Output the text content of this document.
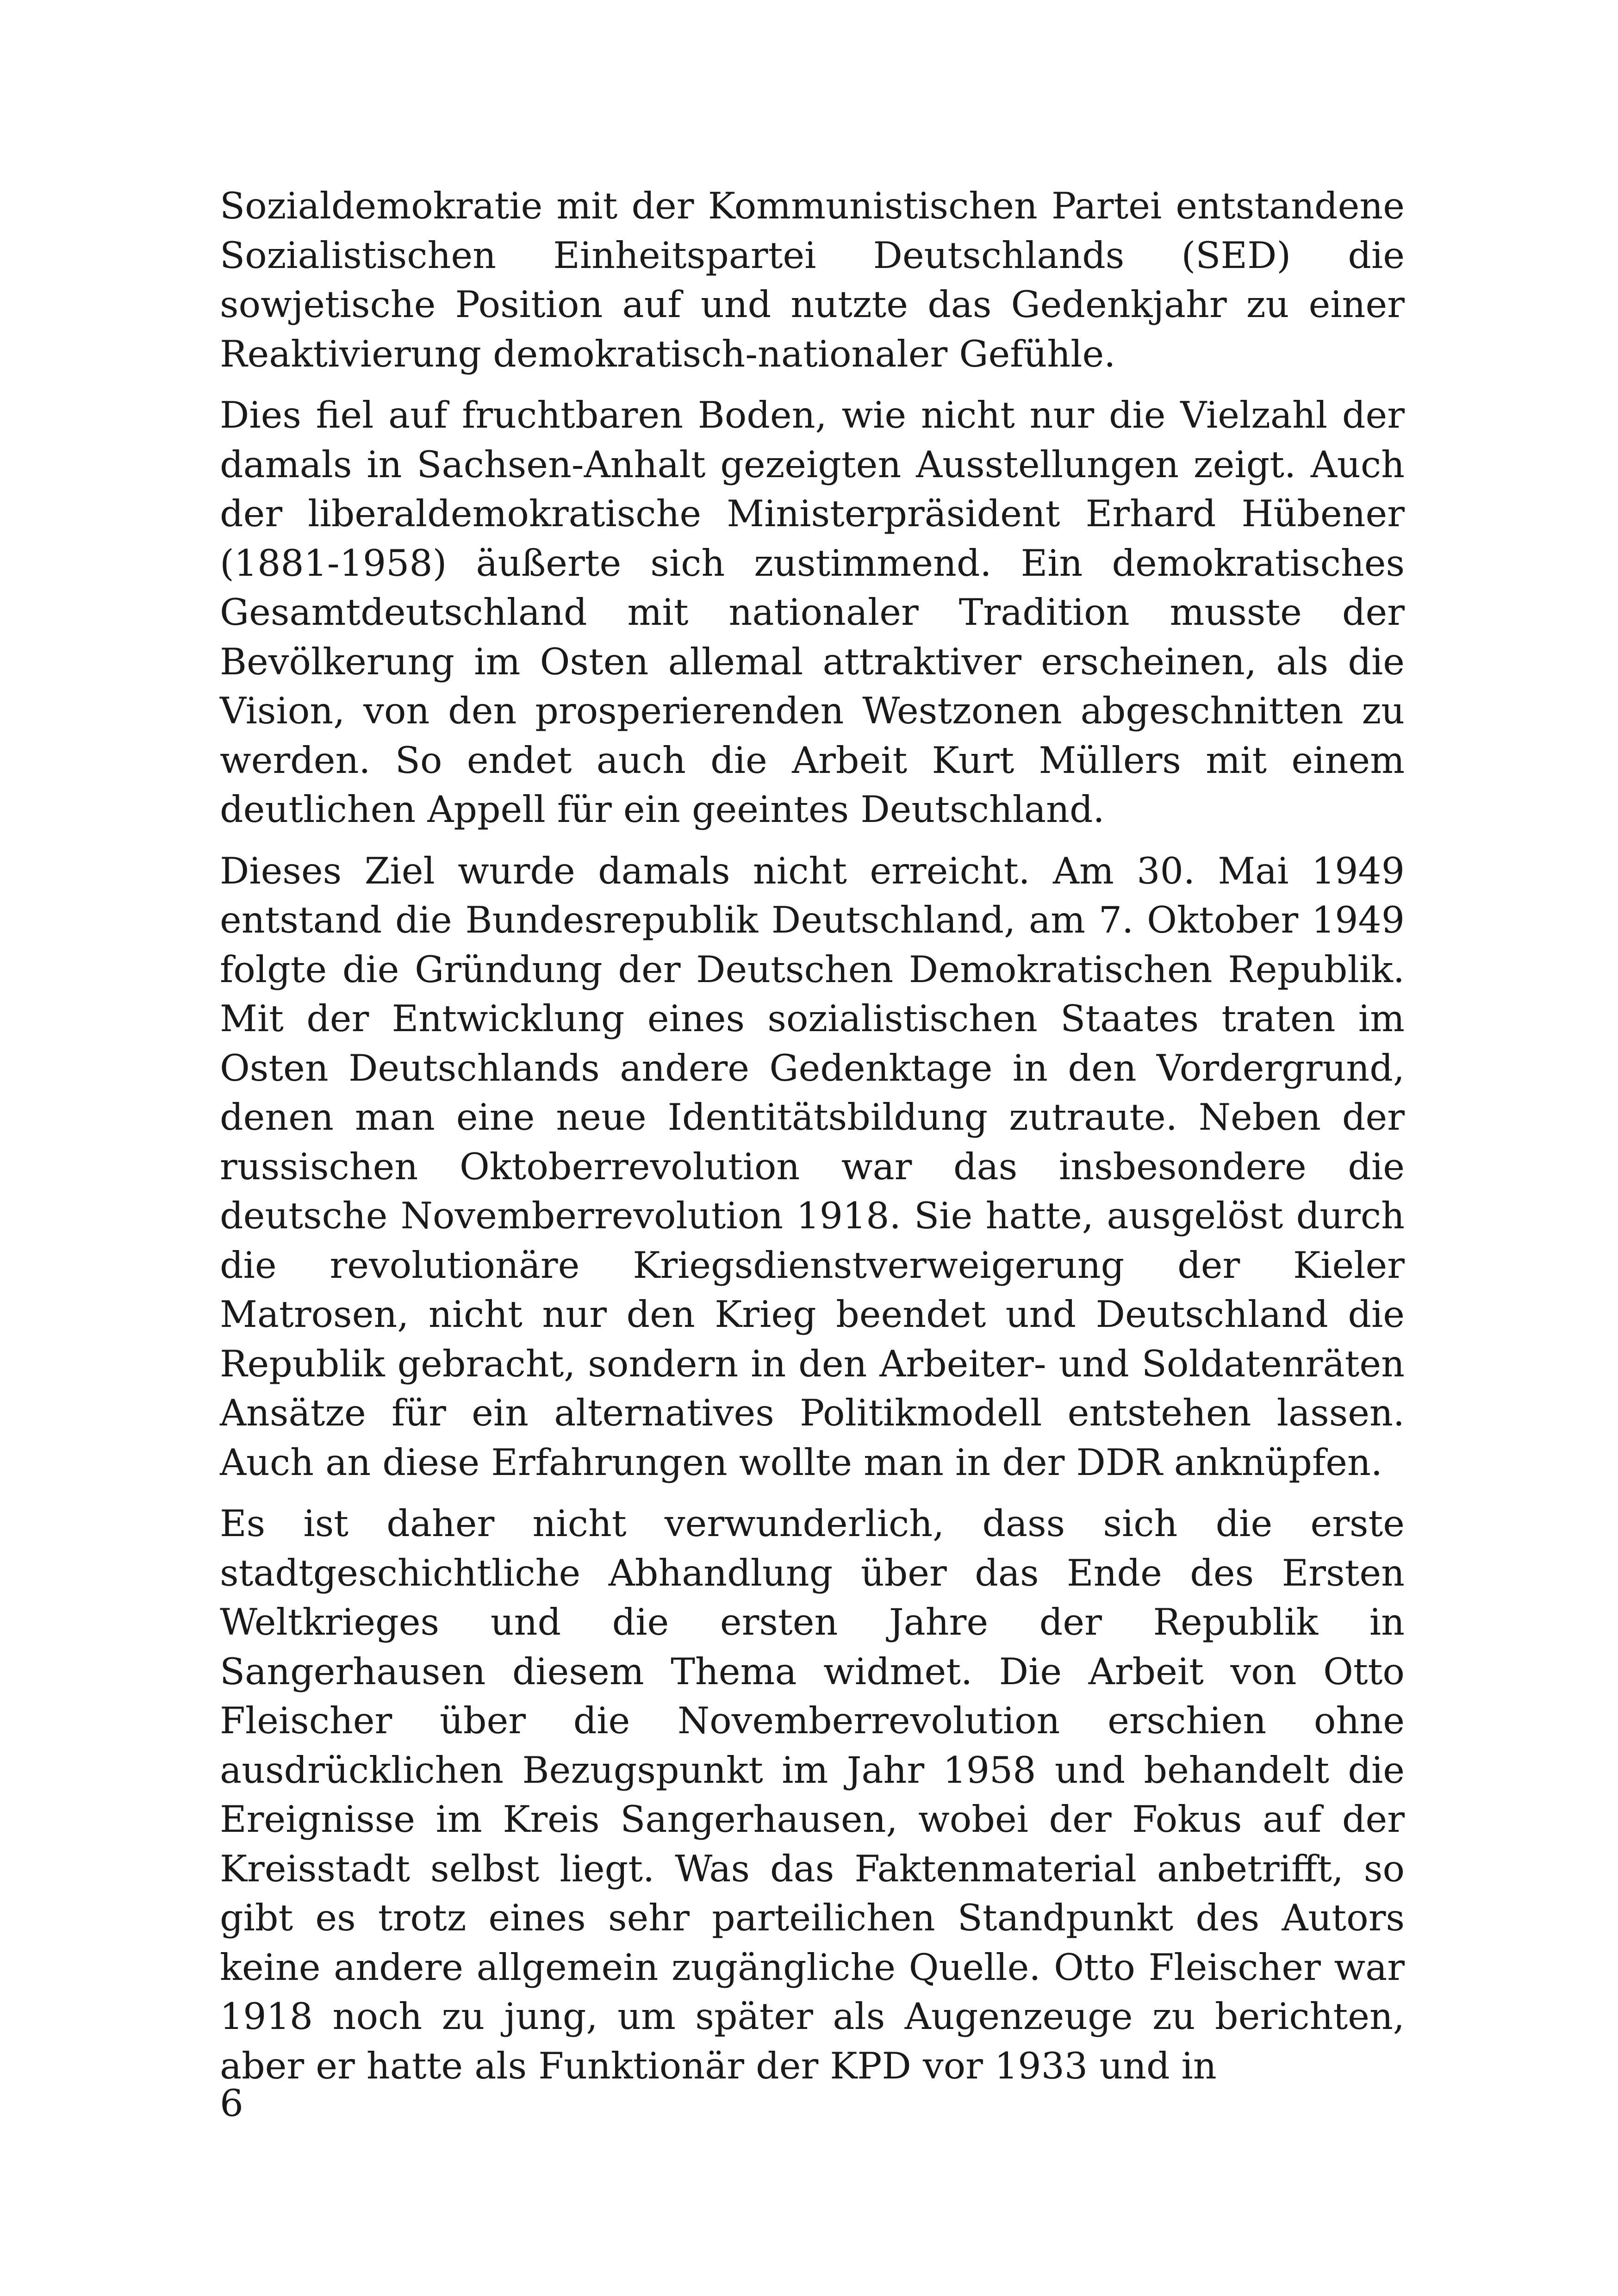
Sozialdemokratie mit der Kommunistischen Partei entstandene Sozialistischen Einheitspartei Deutschlands (SED) die sowjetische Position auf und nutzte das Gedenkjahr zu einer Reaktivierung demokratisch-nationaler Gefühle.

Dies fiel auf fruchtbaren Boden, wie nicht nur die Vielzahl der damals in Sachsen-Anhalt gezeigten Ausstellungen zeigt. Auch der liberaldemokratische Ministerpräsident Erhard Hübener (1881-1958) äußerte sich zustimmend. Ein demokratisches Gesamtdeutschland mit nationaler Tradition musste der Bevölkerung im Osten allemal attraktiver erscheinen, als die Vision, von den prosperierenden Westzonen abgeschnitten zu werden. So endet auch die Arbeit Kurt Müllers mit einem deutlichen Appell für ein geeintes Deutschland.

Dieses Ziel wurde damals nicht erreicht. Am 30. Mai 1949 entstand die Bundesrepublik Deutschland, am 7. Oktober 1949 folgte die Gründung der Deutschen Demokratischen Republik. Mit der Entwicklung eines sozialistischen Staates traten im Osten Deutschlands andere Gedenktage in den Vordergrund, denen man eine neue Identitätsbildung zutraute. Neben der russischen Oktoberrevolution war das insbesondere die deutsche Novemberrevolution 1918. Sie hatte, ausgelöst durch die revolutionäre Kriegsdienstverweigerung der Kieler Matrosen, nicht nur den Krieg beendet und Deutschland die Republik gebracht, sondern in den Arbeiter- und Soldatenräten Ansätze für ein alternatives Politikmodell entstehen lassen. Auch an diese Erfahrungen wollte man in der DDR anknüpfen.

Es ist daher nicht verwunderlich, dass sich die erste stadtgeschichtliche Abhandlung über das Ende des Ersten Weltkrieges und die ersten Jahre der Republik in Sangerhausen diesem Thema widmet. Die Arbeit von Otto Fleischer über die Novemberrevolution erschien ohne ausdrücklichen Bezugspunkt im Jahr 1958 und behandelt die Ereignisse im Kreis Sangerhausen, wobei der Fokus auf der Kreisstadt selbst liegt. Was das Faktenmaterial anbetrifft, so gibt es trotz eines sehr parteilichen Standpunkt des Autors keine andere allgemein zugängliche Quelle. Otto Fleischer war 1918 noch zu jung, um später als Augenzeuge zu berichten, aber er hatte als Funktionär der KPD vor 1933 und in

6
